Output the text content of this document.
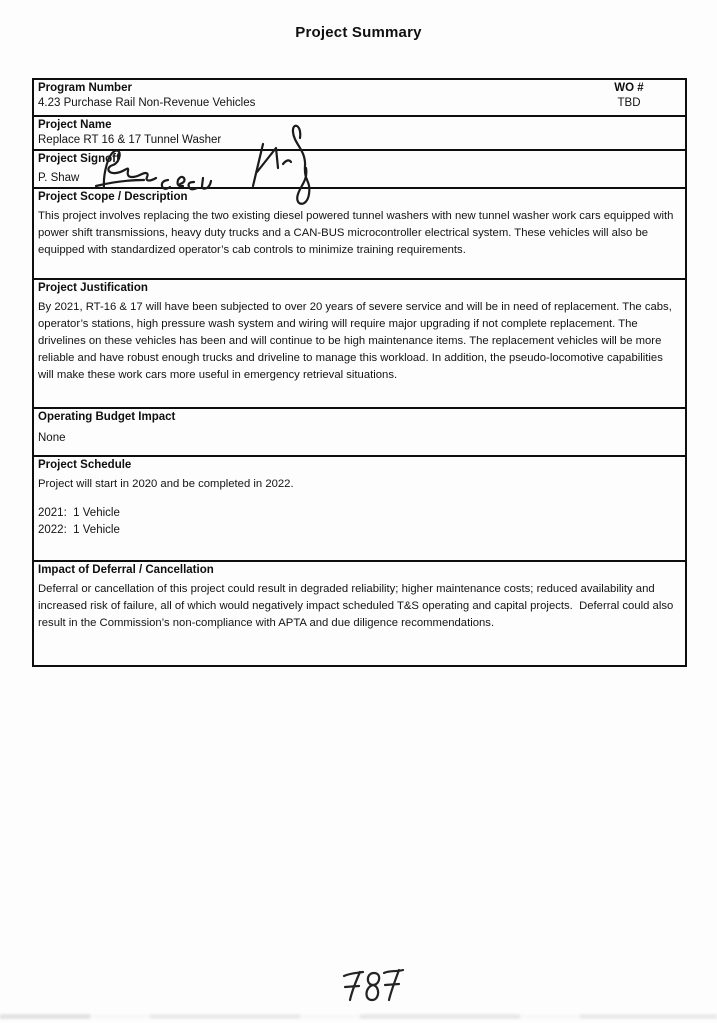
Project Summary
Program Number
4.23 Purchase Rail Non-Revenue Vehicles
WO #
TBD
Project Name
Replace RT 16 & 17 Tunnel Washer
Project Signoff
P. Shaw
Project Scope / Description
This project involves replacing the two existing diesel powered tunnel washers with new tunnel washer work cars equipped with power shift transmissions, heavy duty trucks and a CAN-BUS microcontroller electrical system. These vehicles will also be equipped with standardized operator’s cab controls to minimize training requirements.
Project Justification
By 2021, RT-16 & 17 will have been subjected to over 20 years of severe service and will be in need of replacement. The cabs, operator’s stations, high pressure wash system and wiring will require major upgrading if not complete replacement. The drivelines on these vehicles has been and will continue to be high maintenance items. The replacement vehicles will be more reliable and have robust enough trucks and driveline to manage this workload. In addition, the pseudo-locomotive capabilities will make these work cars more useful in emergency retrieval situations.
Operating Budget Impact
None
Project Schedule
Project will start in 2020 and be completed in 2022.
2021:  1 Vehicle
2022:  1 Vehicle
Impact of Deferral / Cancellation
Deferral or cancellation of this project could result in degraded reliability; higher maintenance costs; reduced availability and increased risk of failure, all of which would negatively impact scheduled T&S operating and capital projects.  Deferral could also result in the Commission’s non-compliance with APTA and due diligence recommendations.
